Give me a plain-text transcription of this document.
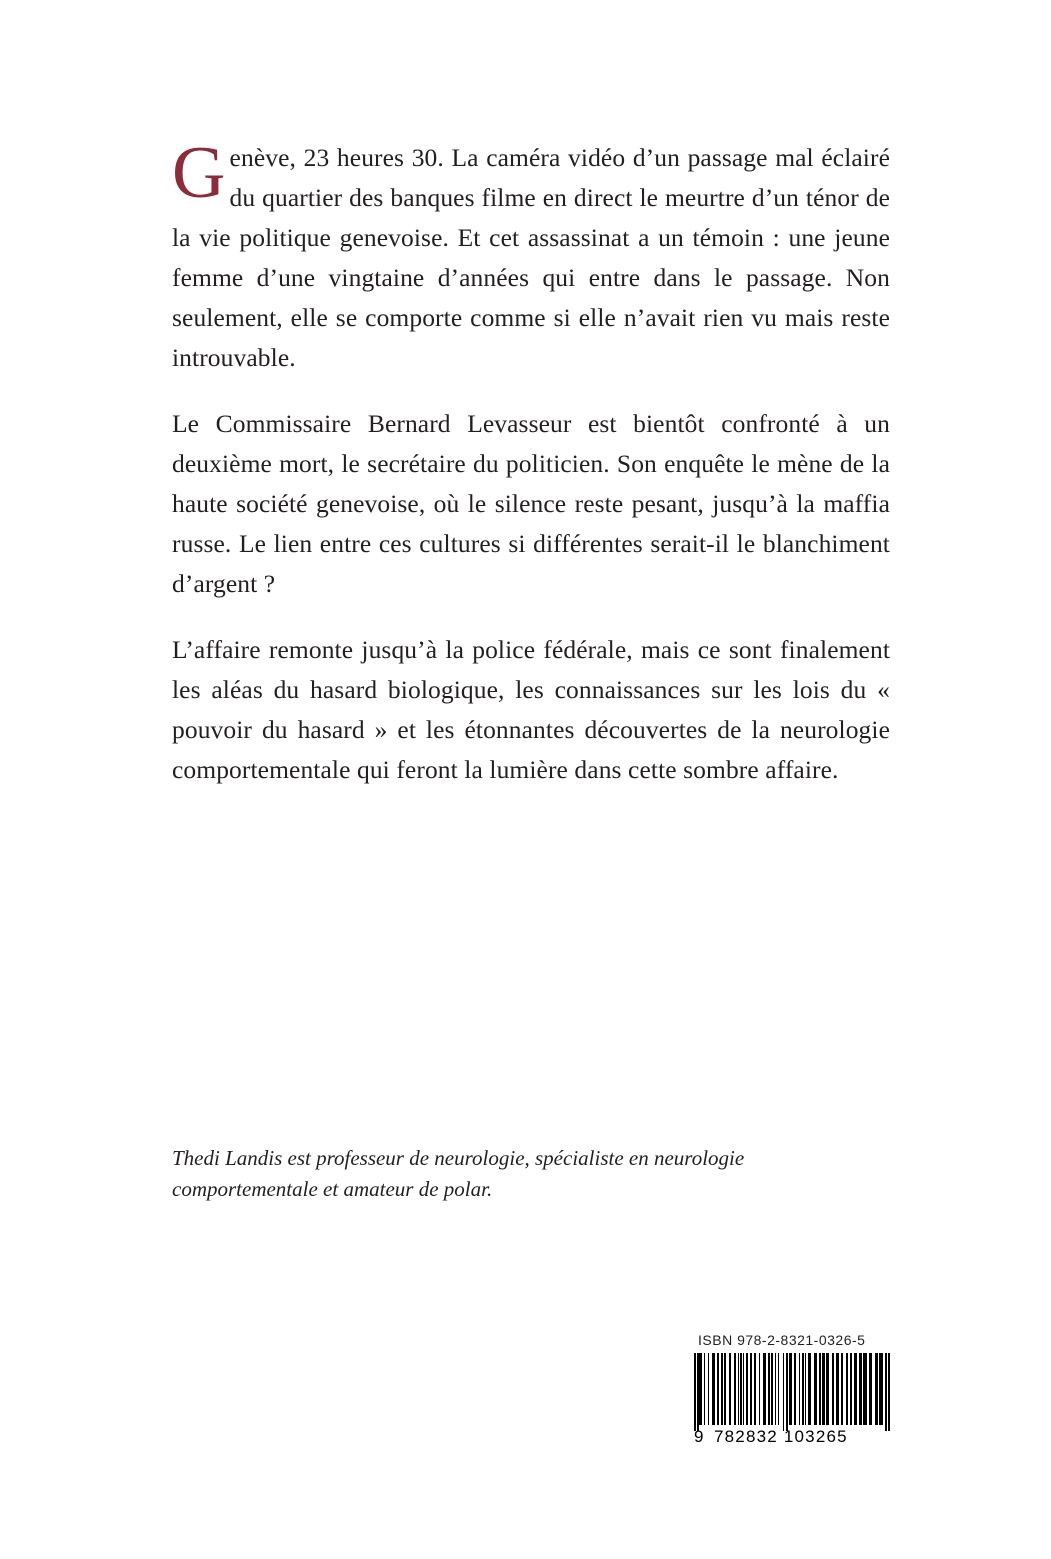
Genève, 23 heures 30. La caméra vidéo d’un passage mal éclairé du quartier des banques filme en direct le meurtre d’un ténor de la vie politique genevoise. Et cet assassinat a un témoin : une jeune femme d’une vingtaine d’années qui entre dans le passage. Non seulement, elle se comporte comme si elle n’avait rien vu mais reste introuvable.

Le Commissaire Bernard Levasseur est bientôt confronté à un deuxième mort, le secrétaire du politicien. Son enquête le mène de la haute société genevoise, où le silence reste pesant, jusqu’à la maffia russe. Le lien entre ces cultures si différentes serait-il le blanchiment d’argent ?

L’affaire remonte jusqu’à la police fédérale, mais ce sont finalement les aléas du hasard biologique, les connaissances sur les lois du « pouvoir du hasard » et les étonnantes découvertes de la neurologie comportementale qui feront la lumière dans cette sombre affaire.

Thedi Landis est professeur de neurologie, spécialiste en neurologie comportementale et amateur de polar.
ISBN 978-2-8321-0326-5
9 782832 103265
